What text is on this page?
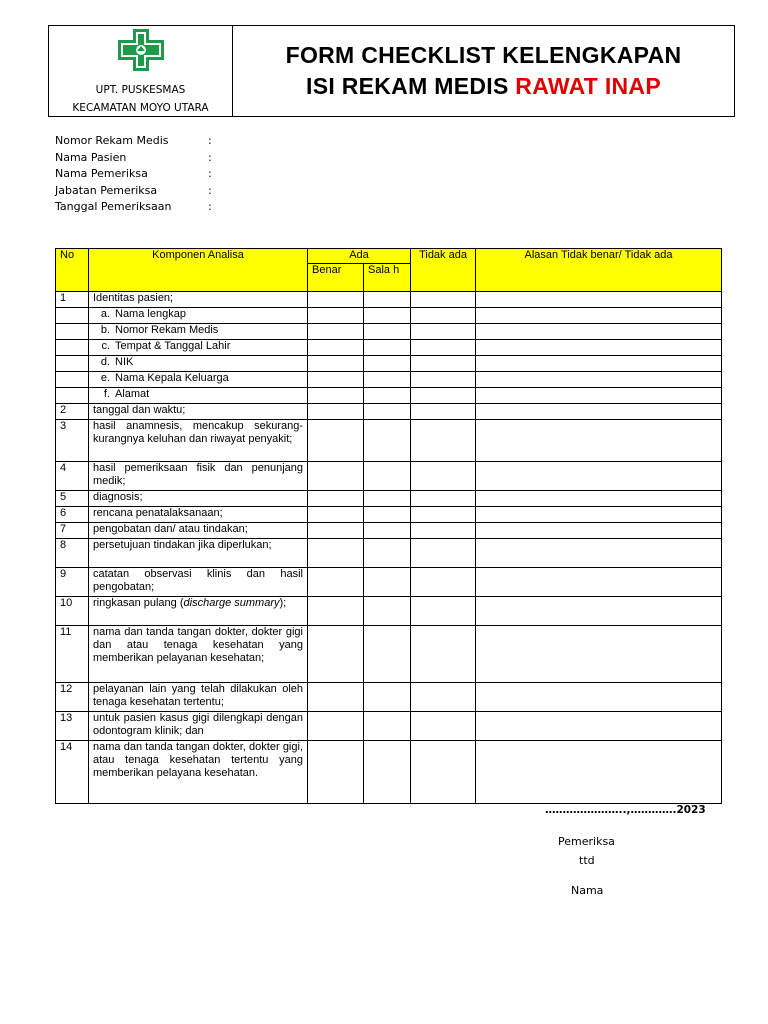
UPT. PUSKESMAS
KECAMATAN MOYO UTARA
FORM CHECKLIST KELENGKAPAN
ISI REKAM MEDIS RAWAT INAP
Nomor Rekam Medis	:
Nama Pasien	:
Nama Pemeriksa	:
Jabatan Pemeriksa	:
Tanggal Pemeriksaan	:
No	Komponen Analisa	Ada		Tidak ada	Alasan Tidak benar/ Tidak ada
		Benar	Sala h		
1	Identitas pasien;				
	a. Nama lengkap				
	b. Nomor Rekam Medis				
	c. Tempat & Tanggal Lahir				
	d. NIK				
	e. Nama Kepala Keluarga				
	f. Alamat				
2	tanggal dan waktu;				
3	hasil anamnesis, mencakup sekurang-kurangnya keluhan dan riwayat penyakit;				
4	hasil pemeriksaan fisik dan penunjang medik;				
5	diagnosis;				
6	rencana penatalaksanaan;				
7	pengobatan dan/ atau tindakan;				
8	persetujuan tindakan jika diperlukan;				
9	catatan observasi klinis dan hasil pengobatan;				
10	ringkasan pulang (discharge summary);				
11	nama dan tanda tangan dokter, dokter gigi dan atau tenaga kesehatan yang memberikan pelayanan kesehatan;				
12	pelayanan lain yang telah dilakukan oleh tenaga kesehatan tertentu;				
13	untuk pasien kasus gigi dilengkapi dengan odontogram klinik; dan				
14	nama dan tanda tangan dokter, dokter gigi, atau tenaga kesehatan tertentu yang memberikan pelayana kesehatan.				
…………………..,………….2023
Pemeriksa
ttd
Nama
